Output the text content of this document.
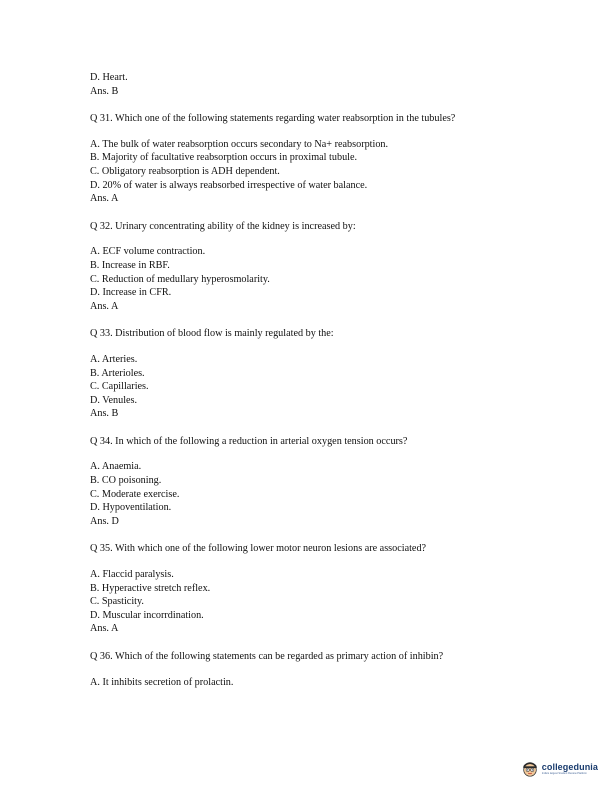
D. Heart.
Ans. B
Q 31. Which one of the following statements regarding water reabsorption in the tubules?
A. The bulk of water reabsorption occurs secondary to Na+ reabsorption.
B. Majority of facultative reabsorption occurs in proximal tubule.
C. Obligatory reabsorption is ADH dependent.
D. 20% of water is always reabsorbed irrespective of water balance.
Ans. A
Q 32. Urinary concentrating ability of the kidney is increased by:
A. ECF volume contraction.
B. Increase in RBF.
C. Reduction of medullary hyperosmolarity.
D. Increase in CFR.
Ans. A
Q 33. Distribution of blood flow is mainly regulated by the:
A. Arteries.
B. Arterioles.
C. Capillaries.
D. Venules.
Ans. B
Q 34. In which of the following a reduction in arterial oxygen tension occurs?
A. Anaemia.
B. CO poisoning.
C. Moderate exercise.
D. Hypoventilation.
Ans. D
Q 35. With which one of the following lower motor neuron lesions are associated?
A. Flaccid paralysis.
B. Hyperactive stretch reflex.
C. Spasticity.
D. Muscular incorrdination.
Ans. A
Q 36. Which of the following statements can be regarded as primary action of inhibin?
A. It inhibits secretion of prolactin.
collegedunia
India's largest Student Review Platform
